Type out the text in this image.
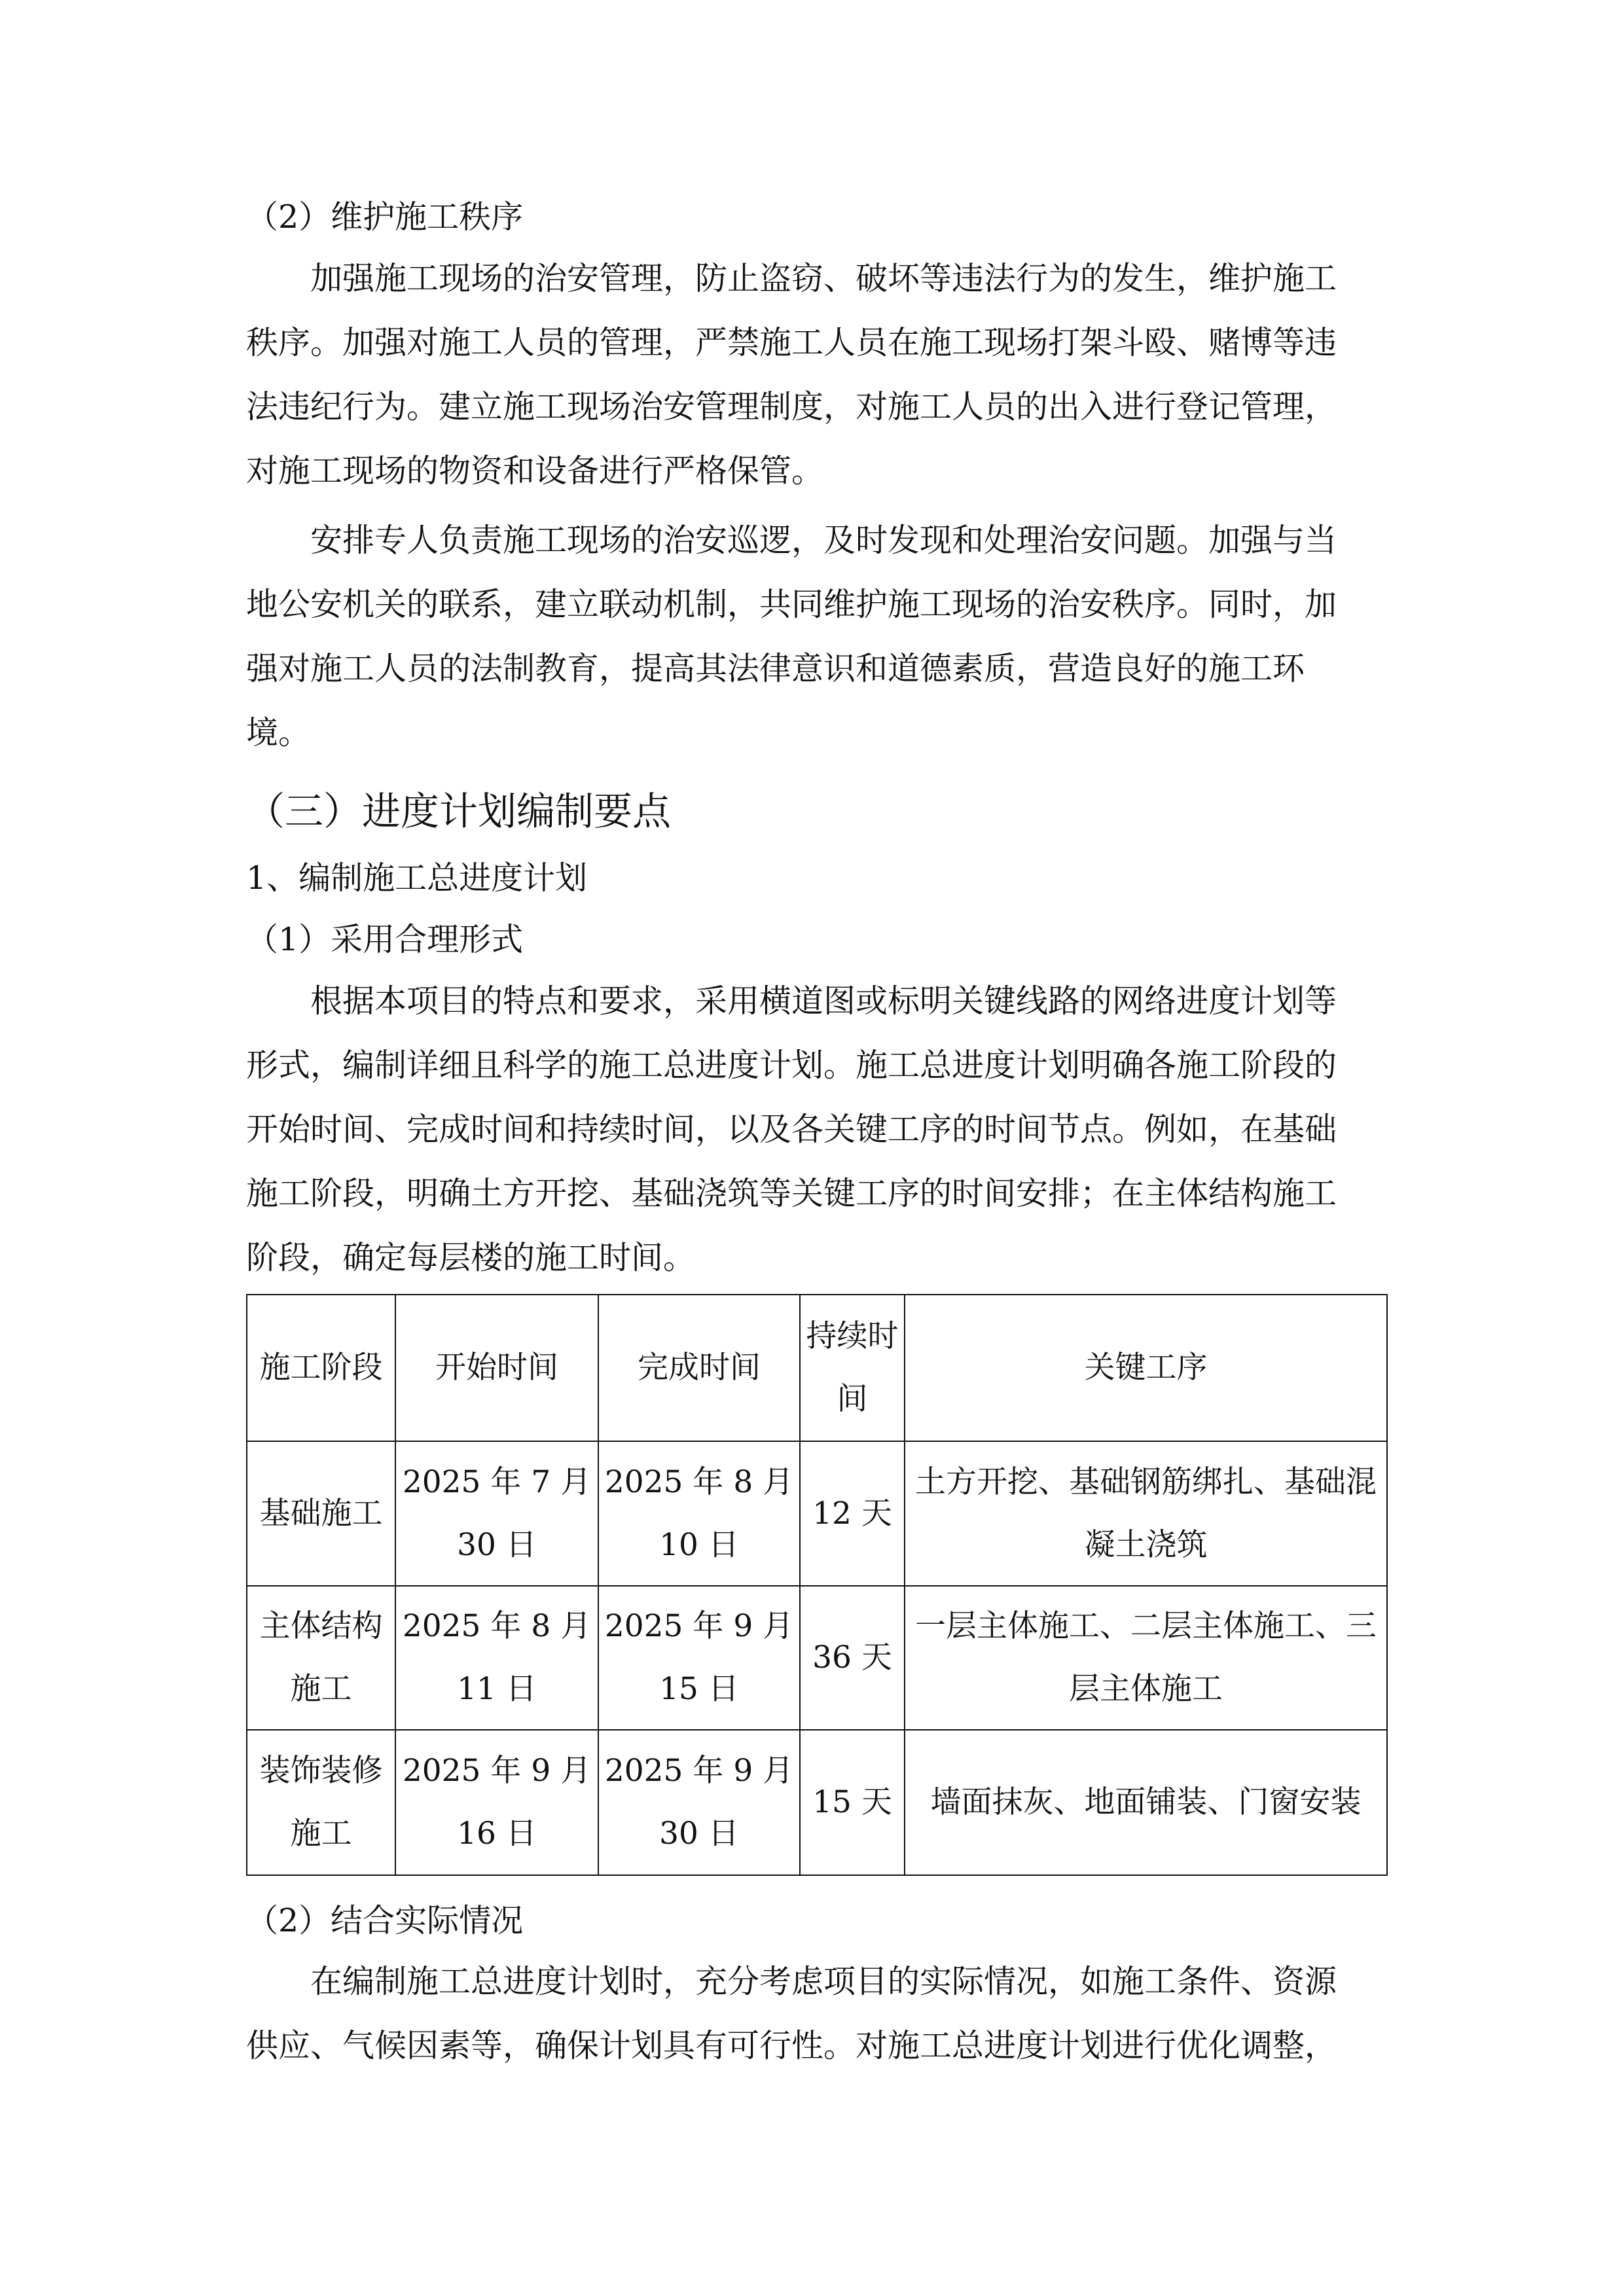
（2）维护施工秩序
加强施工现场的治安管理，防止盗窃、破坏等违法行为的发生，维护施工
秩序。加强对施工人员的管理，严禁施工人员在施工现场打架斗殴、赌博等违
法违纪行为。建立施工现场治安管理制度，对施工人员的出入进行登记管理，
对施工现场的物资和设备进行严格保管。
安排专人负责施工现场的治安巡逻，及时发现和处理治安问题。加强与当
地公安机关的联系，建立联动机制，共同维护施工现场的治安秩序。同时，加
强对施工人员的法制教育，提高其法律意识和道德素质，营造良好的施工环
境。
（三）进度计划编制要点
1、编制施工总进度计划
（1）采用合理形式
根据本项目的特点和要求，采用横道图或标明关键线路的网络进度计划等
形式，编制详细且科学的施工总进度计划。施工总进度计划明确各施工阶段的
开始时间、完成时间和持续时间，以及各关键工序的时间节点。例如，在基础
施工阶段，明确土方开挖、基础浇筑等关键工序的时间安排；在主体结构施工
阶段，确定每层楼的施工时间。
施工阶段	开始时间	完成时间	持续时间	关键工序
基础施工	2025 年 7 月 30 日	2025 年 8 月 10 日	12 天	土方开挖、基础钢筋绑扎、基础混凝土浇筑
主体结构施工	2025 年 8 月 11 日	2025 年 9 月 15 日	36 天	一层主体施工、二层主体施工、三层主体施工
装饰装修施工	2025 年 9 月 16 日	2025 年 9 月 30 日	15 天	墙面抹灰、地面铺装、门窗安装
（2）结合实际情况
在编制施工总进度计划时，充分考虑项目的实际情况，如施工条件、资源
供应、气候因素等，确保计划具有可行性。对施工总进度计划进行优化调整，
